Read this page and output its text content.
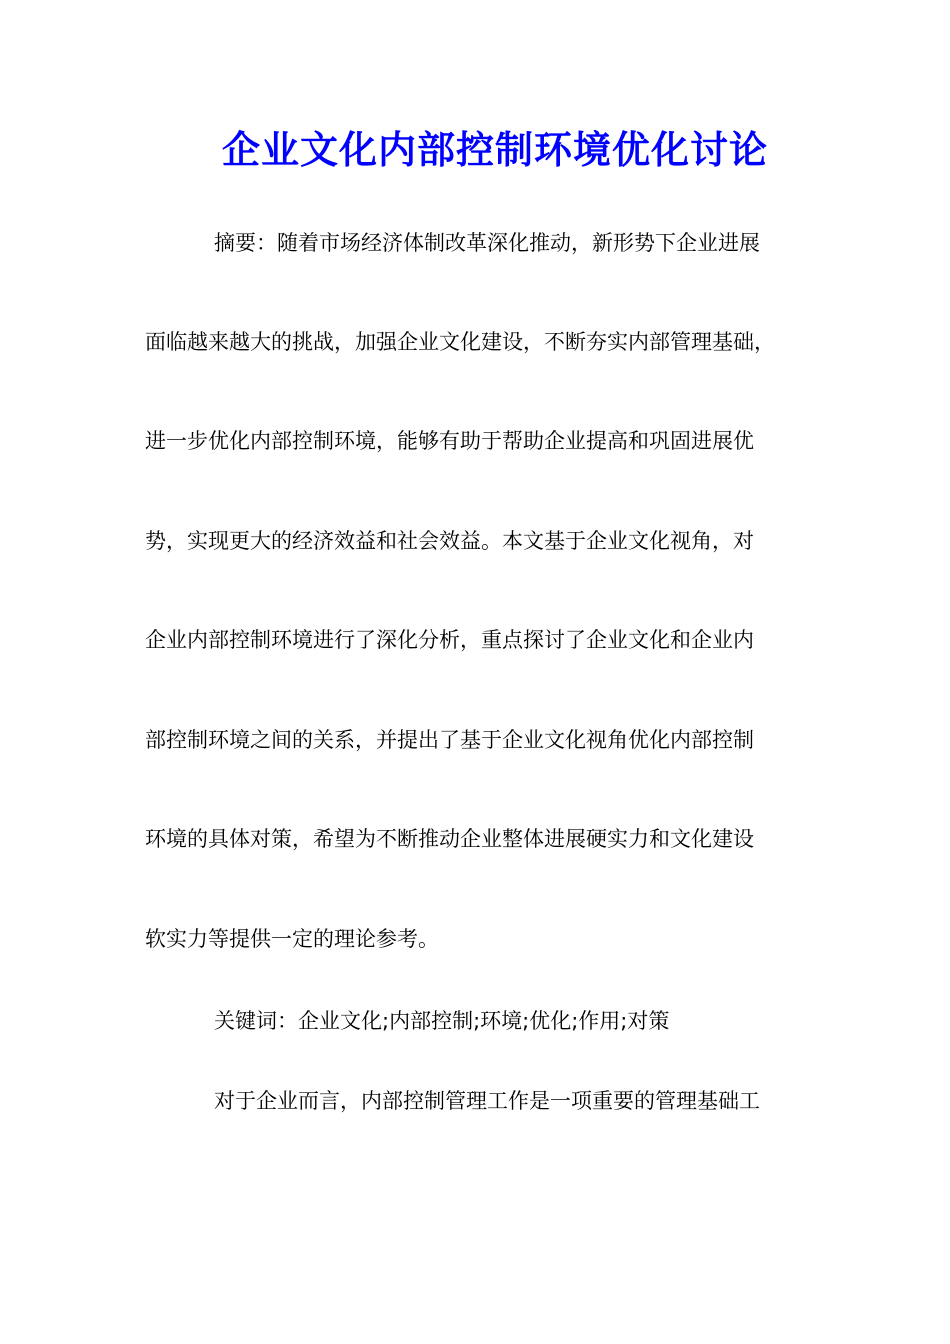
企业文化内部控制环境优化讨论

摘要：随着市场经济体制改革深化推动，新形势下企业进展

面临越来越大的挑战，加强企业文化建设，不断夯实内部管理基础，

进一步优化内部控制环境，能够有助于帮助企业提高和巩固进展优

势，实现更大的经济效益和社会效益。本文基于企业文化视角，对

企业内部控制环境进行了深化分析，重点探讨了企业文化和企业内

部控制环境之间的关系，并提出了基于企业文化视角优化内部控制

环境的具体对策，希望为不断推动企业整体进展硬实力和文化建设

软实力等提供一定的理论参考。

关键词：企业文化;内部控制;环境;优化;作用;对策

对于企业而言，内部控制管理工作是一项重要的管理基础工
